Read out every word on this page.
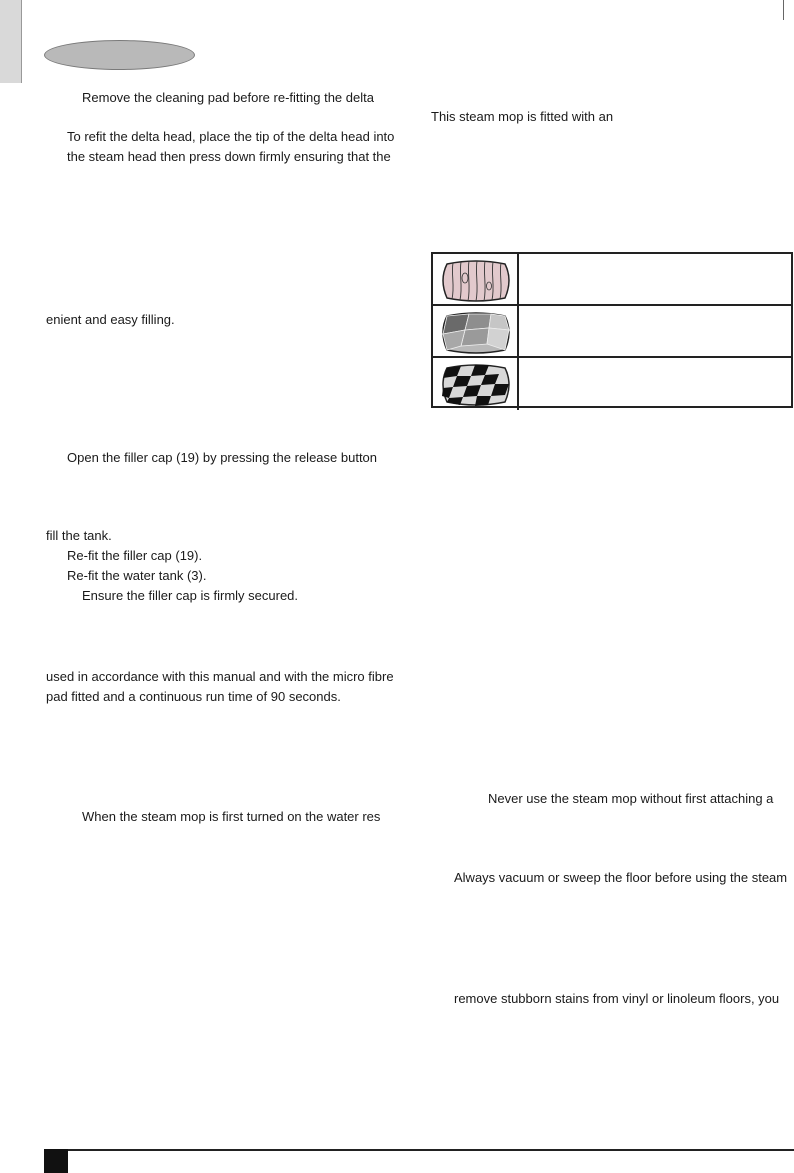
Remove the cleaning pad before re-fitting the delta
To refit the delta head, place the tip of the delta head into
the steam head then press down firmly ensuring that the
enient and easy filling.
Open the filler cap (19) by pressing the release button
fill the tank.
Re-fit the filler cap (19).
Re-fit the water tank (3).
Ensure the filler cap is firmly secured.
used in accordance with this manual and with the micro fibre
pad fitted and a continuous run time of 90 seconds.
When the steam mop is first turned on the water res
This steam mop is fitted with an
Never use the steam mop without first attaching a
Always vacuum or sweep the floor before using the steam
remove stubborn stains from vinyl or linoleum floors, you
